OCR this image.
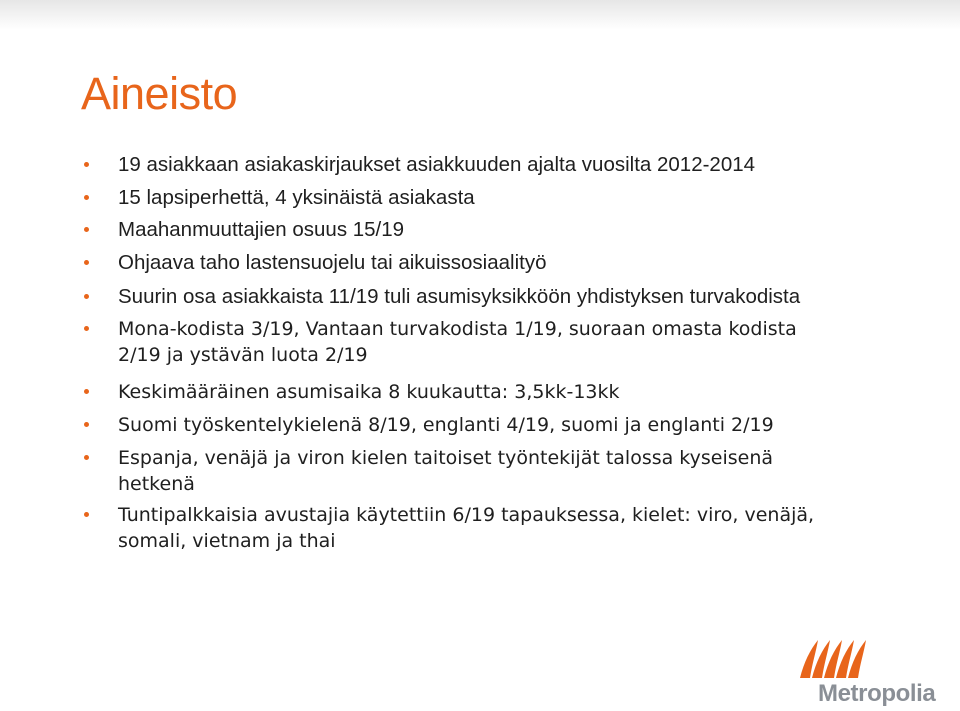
Aineisto
19 asiakkaan asiakaskirjaukset asiakkuuden ajalta vuosilta 2012-2014
15 lapsiperhettä, 4 yksinäistä asiakasta
Maahanmuuttajien osuus 15/19
Ohjaava taho lastensuojelu tai aikuissosiaalityö
Suurin osa asiakkaista 11/19 tuli asumisyksikköön yhdistyksen turvakodista
Mona-kodista 3/19, Vantaan turvakodista 1/19, suoraan omasta kodista
2/19 ja ystävän luota 2/19
Keskimääräinen asumisaika 8 kuukautta: 3,5kk-13kk
Suomi työskentelykielenä 8/19, englanti 4/19, suomi ja englanti 2/19
Espanja, venäjä ja viron kielen taitoiset työntekijät talossa kyseisenä
hetkenä
Tuntipalkkaisia avustajia käytettiin 6/19 tapauksessa, kielet: viro, venäjä,
somali, vietnam ja thai
Metropolia
